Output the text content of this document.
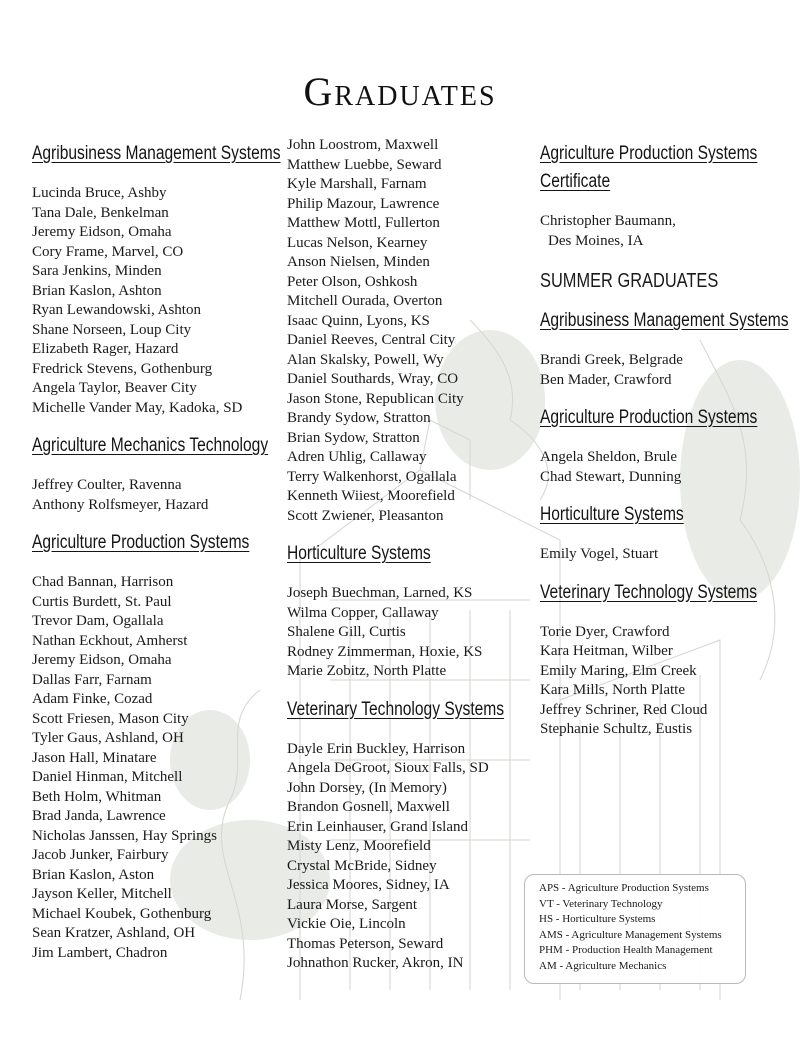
Graduates
Agribusiness Management Systems
Lucinda Bruce, Ashby
Tana Dale, Benkelman
Jeremy Eidson, Omaha
Cory Frame, Marvel, CO
Sara Jenkins, Minden
Brian Kaslon, Ashton
Ryan Lewandowski, Ashton
Shane Norseen, Loup City
Elizabeth Rager, Hazard
Fredrick Stevens, Gothenburg
Angela Taylor, Beaver City
Michelle Vander May, Kadoka, SD
Agriculture Mechanics Technology
Jeffrey Coulter, Ravenna
Anthony Rolfsmeyer, Hazard
Agriculture Production Systems
Chad Bannan, Harrison
Curtis Burdett, St. Paul
Trevor Dam, Ogallala
Nathan Eckhout, Amherst
Jeremy Eidson, Omaha
Dallas Farr, Farnam
Adam Finke, Cozad
Scott Friesen, Mason City
Tyler Gaus, Ashland, OH
Jason Hall, Minatare
Daniel Hinman, Mitchell
Beth Holm, Whitman
Brad Janda, Lawrence
Nicholas Janssen, Hay Springs
Jacob Junker, Fairbury
Brian Kaslon, Aston
Jayson Keller, Mitchell
Michael Koubek, Gothenburg
Sean Kratzer, Ashland, OH
Jim Lambert, Chadron
John Loostrom, Maxwell
Matthew Luebbe, Seward
Kyle Marshall, Farnam
Philip Mazour, Lawrence
Matthew Mottl, Fullerton
Lucas Nelson, Kearney
Anson Nielsen, Minden
Peter Olson, Oshkosh
Mitchell Ourada, Overton
Isaac Quinn, Lyons, KS
Daniel Reeves, Central City
Alan Skalsky, Powell, Wy
Daniel Southards, Wray, CO
Jason Stone, Republican City
Brandy Sydow, Stratton
Brian Sydow, Stratton
Adren Uhlig, Callaway
Terry Walkenhorst, Ogallala
Kenneth Wiiest, Moorefield
Scott Zwiener, Pleasanton
Horticulture Systems
Joseph Buechman, Larned, KS
Wilma Copper, Callaway
Shalene Gill, Curtis
Rodney Zimmerman, Hoxie, KS
Marie Zobitz, North Platte
Veterinary Technology Systems
Dayle Erin Buckley, Harrison
Angela DeGroot, Sioux Falls, SD
John Dorsey, (In Memory)
Brandon Gosnell, Maxwell
Erin Leinhauser, Grand Island
Misty Lenz, Moorefield
Crystal McBride, Sidney
Jessica Moores, Sidney, IA
Laura Morse, Sargent
Vickie Oie, Lincoln
Thomas Peterson, Seward
Johnathon Rucker, Akron, IN
Agriculture Production Systems
Certificate
Christopher Baumann,
Des Moines, IA
SUMMER GRADUATES
Agribusiness Management Systems
Brandi Greek, Belgrade
Ben Mader, Crawford
Agriculture Production Systems
Angela Sheldon, Brule
Chad Stewart, Dunning
Horticulture Systems
Emily Vogel, Stuart
Veterinary Technology Systems
Torie Dyer, Crawford
Kara Heitman, Wilber
Emily Maring, Elm Creek
Kara Mills, North Platte
Jeffrey Schriner, Red Cloud
Stephanie Schultz, Eustis
APS - Agriculture Production Systems
VT - Veterinary Technology
HS - Horticulture Systems
AMS - Agriculture Management Systems
PHM - Production Health Management
AM - Agriculture Mechanics
